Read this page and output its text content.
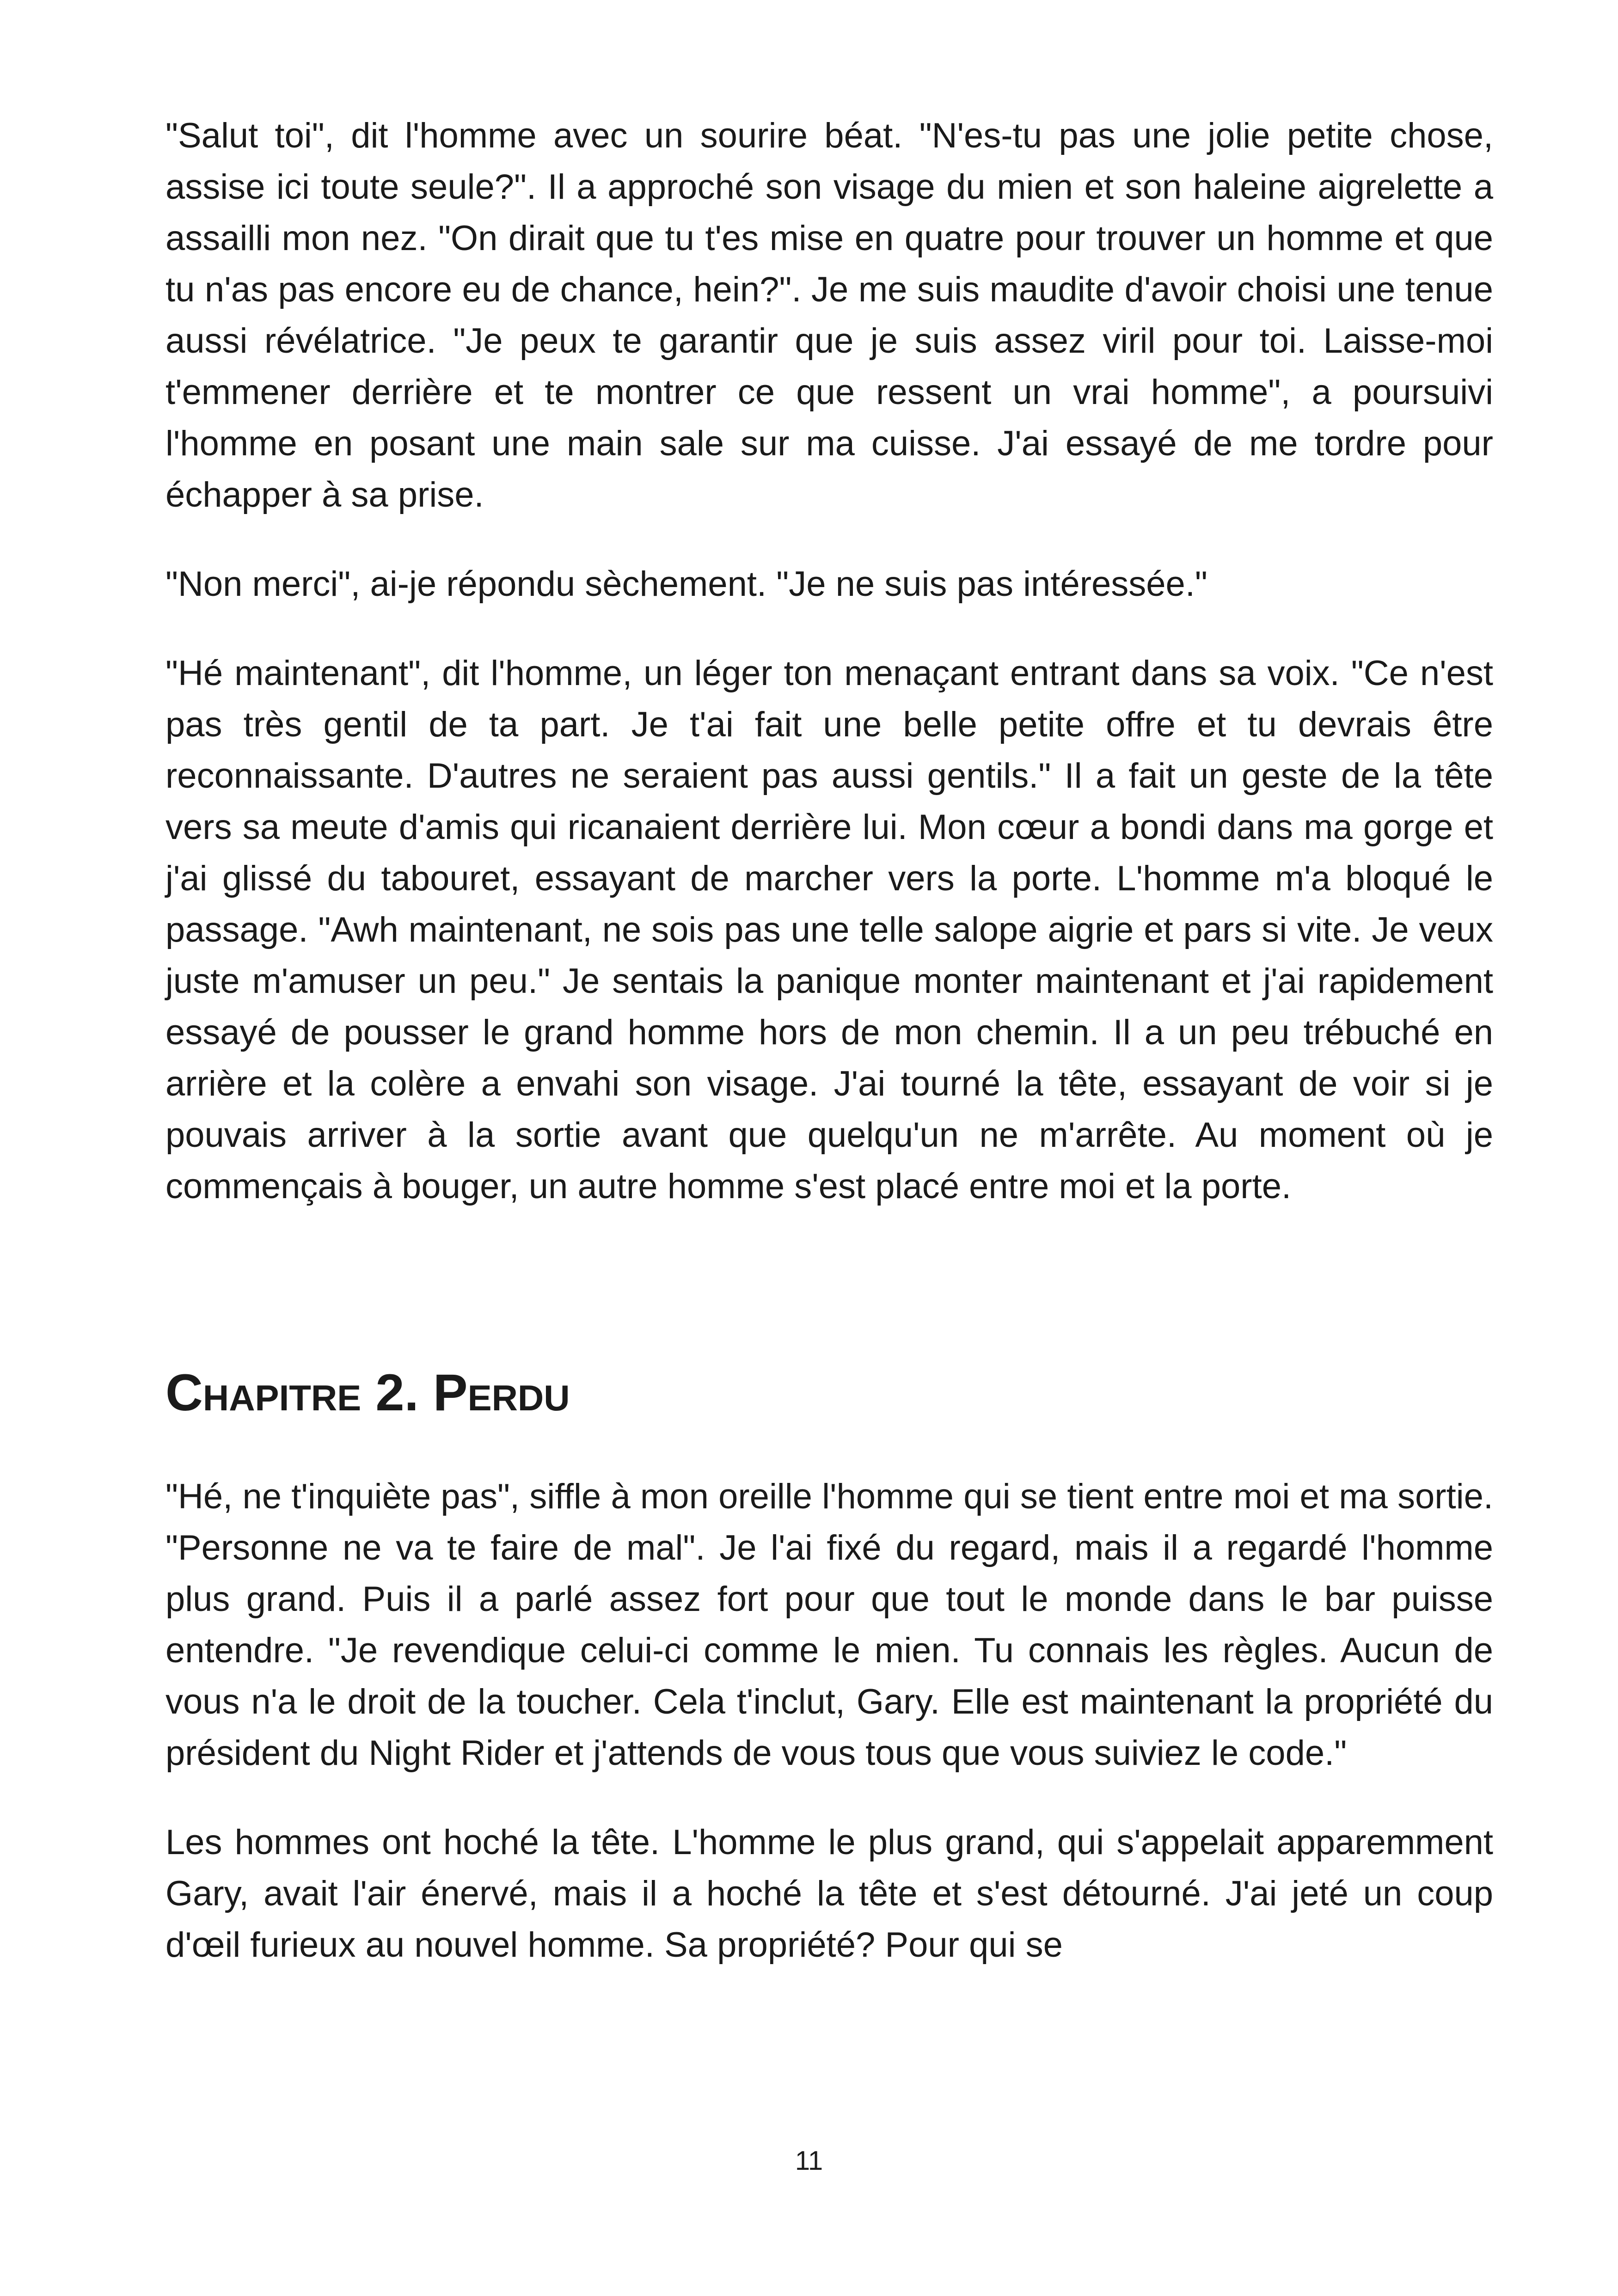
"Salut toi", dit l'homme avec un sourire béat. "N'es-tu pas une jolie petite chose, assise ici toute seule?". Il a approché son visage du mien et son haleine aigrelette a assailli mon nez. "On dirait que tu t'es mise en quatre pour trouver un homme et que tu n'as pas encore eu de chance, hein?". Je me suis maudite d'avoir choisi une tenue aussi révélatrice. "Je peux te garantir que je suis assez viril pour toi. Laisse-moi t'emmener derrière et te montrer ce que ressent un vrai homme", a poursuivi l'homme en posant une main sale sur ma cuisse. J'ai essayé de me tordre pour échapper à sa prise.

"Non merci", ai-je répondu sèchement. "Je ne suis pas intéressée."

"Hé maintenant", dit l'homme, un léger ton menaçant entrant dans sa voix. "Ce n'est pas très gentil de ta part. Je t'ai fait une belle petite offre et tu devrais être reconnaissante. D'autres ne seraient pas aussi gentils." Il a fait un geste de la tête vers sa meute d'amis qui ricanaient derrière lui. Mon cœur a bondi dans ma gorge et j'ai glissé du tabouret, essayant de marcher vers la porte. L'homme m'a bloqué le passage. "Awh maintenant, ne sois pas une telle salope aigrie et pars si vite. Je veux juste m'amuser un peu." Je sentais la panique monter maintenant et j'ai rapidement essayé de pousser le grand homme hors de mon chemin. Il a un peu trébuché en arrière et la colère a envahi son visage. J'ai tourné la tête, essayant de voir si je pouvais arriver à la sortie avant que quelqu'un ne m'arrête. Au moment où je commençais à bouger, un autre homme s'est placé entre moi et la porte.

Chapitre 2. Perdu

"Hé, ne t'inquiète pas", siffle à mon oreille l'homme qui se tient entre moi et ma sortie. "Personne ne va te faire de mal". Je l'ai fixé du regard, mais il a regardé l'homme plus grand. Puis il a parlé assez fort pour que tout le monde dans le bar puisse entendre. "Je revendique celui-ci comme le mien. Tu connais les règles. Aucun de vous n'a le droit de la toucher. Cela t'inclut, Gary. Elle est maintenant la propriété du président du Night Rider et j'attends de vous tous que vous suiviez le code."

Les hommes ont hoché la tête. L'homme le plus grand, qui s'appelait apparemment Gary, avait l'air énervé, mais il a hoché la tête et s'est détourné. J'ai jeté un coup d'œil furieux au nouvel homme. Sa propriété? Pour qui se

11
